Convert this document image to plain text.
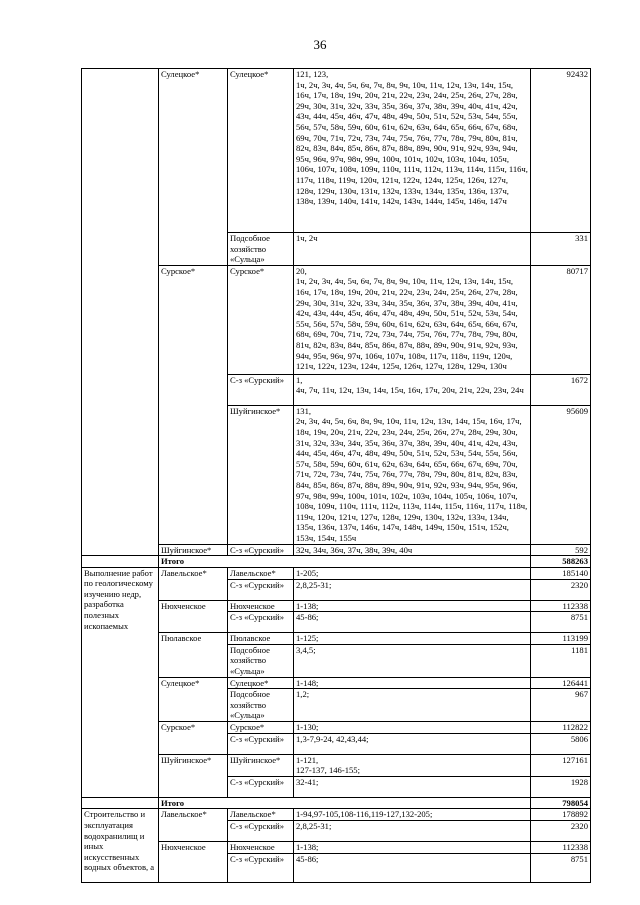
36
	Сулецкое*	Сулецкое*	121, 123,
1ч, 2ч, 3ч, 4ч, 5ч, 6ч, 7ч, 8ч, 9ч, 10ч, 11ч, 12ч, 13ч, 14ч, 15ч, 16ч, 17ч, 18ч, 19ч, 20ч, 21ч, 22ч, 23ч, 24ч, 25ч, 26ч, 27ч, 28ч, 29ч, 30ч, 31ч, 32ч, 33ч, 35ч, 36ч, 37ч, 38ч, 39ч, 40ч, 41ч, 42ч, 43ч, 44ч, 45ч, 46ч, 47ч, 48ч, 49ч, 50ч, 51ч, 52ч, 53ч, 54ч, 55ч, 56ч, 57ч, 58ч, 59ч, 60ч, 61ч, 62ч, 63ч, 64ч, 65ч, 66ч, 67ч, 68ч, 69ч, 70ч, 71ч, 72ч, 73ч, 74ч, 75ч, 76ч, 77ч, 78ч, 79ч, 80ч, 81ч, 82ч, 83ч, 84ч, 85ч, 86ч, 87ч, 88ч, 89ч, 90ч, 91ч, 92ч, 93ч, 94ч, 95ч, 96ч, 97ч, 98ч, 99ч, 100ч, 101ч, 102ч, 103ч, 104ч, 105ч, 106ч, 107ч, 108ч, 109ч, 110ч, 111ч, 112ч, 113ч, 114ч, 115ч, 116ч, 117ч, 118ч, 119ч, 120ч, 121ч, 122ч, 124ч, 125ч, 126ч, 127ч, 128ч, 129ч, 130ч, 131ч, 132ч, 133ч, 134ч, 135ч, 136ч, 137ч, 138ч, 139ч, 140ч, 141ч, 142ч, 143ч, 144ч, 145ч, 146ч, 147ч	92432
		Подсобное хозяйство «Сульца»	1ч, 2ч	331
	Сурское*	Сурское*	20,
1ч, 2ч, 3ч, 4ч, 5ч, 6ч, 7ч, 8ч, 9ч, 10ч, 11ч, 12ч, 13ч, 14ч, 15ч, 16ч, 17ч, 18ч, 19ч, 20ч, 21ч, 22ч, 23ч, 24ч, 25ч, 26ч, 27ч, 28ч, 29ч, 30ч, 31ч, 32ч, 33ч, 34ч, 35ч, 36ч, 37ч, 38ч, 39ч, 40ч, 41ч, 42ч, 43ч, 44ч, 45ч, 46ч, 47ч, 48ч, 49ч, 50ч, 51ч, 52ч, 53ч, 54ч, 55ч, 56ч, 57ч, 58ч, 59ч, 60ч, 61ч, 62ч, 63ч, 64ч, 65ч, 66ч, 67ч, 68ч, 69ч, 70ч, 71ч, 72ч, 73ч, 74ч, 75ч, 76ч, 77ч, 78ч, 79ч, 80ч, 81ч, 82ч, 83ч, 84ч, 85ч, 86ч, 87ч, 88ч, 89ч, 90ч, 91ч, 92ч, 93ч, 94ч, 95ч, 96ч, 97ч, 106ч, 107ч, 108ч, 117ч, 118ч, 119ч, 120ч, 121ч, 122ч, 123ч, 124ч, 125ч, 126ч, 127ч, 128ч, 129ч, 130ч	80717
		С-з «Сурский»	1,
4ч, 7ч, 11ч, 12ч, 13ч, 14ч, 15ч, 16ч, 17ч, 20ч, 21ч, 22ч, 23ч, 24ч	1672
		Шуйгинское*	131,
2ч, 3ч, 4ч, 5ч, 6ч, 8ч, 9ч, 10ч, 11ч, 12ч, 13ч, 14ч, 15ч, 16ч, 17ч, 18ч, 19ч, 20ч, 21ч, 22ч, 23ч, 24ч, 25ч, 26ч, 27ч, 28ч, 29ч, 30ч, 31ч, 32ч, 33ч, 34ч, 35ч, 36ч, 37ч, 38ч, 39ч, 40ч, 41ч, 42ч, 43ч, 44ч, 45ч, 46ч, 47ч, 48ч, 49ч, 50ч, 51ч, 52ч, 53ч, 54ч, 55ч, 56ч, 57ч, 58ч, 59ч, 60ч, 61ч, 62ч, 63ч, 64ч, 65ч, 66ч, 67ч, 69ч, 70ч, 71ч, 72ч, 73ч, 74ч, 75ч, 76ч, 77ч, 78ч, 79ч, 80ч, 81ч, 82ч, 83ч, 84ч, 85ч, 86ч, 87ч, 88ч, 89ч, 90ч, 91ч, 92ч, 93ч, 94ч, 95ч, 96ч, 97ч, 98ч, 99ч, 100ч, 101ч, 102ч, 103ч, 104ч, 105ч, 106ч, 107ч, 108ч, 109ч, 110ч, 111ч, 112ч, 113ч, 114ч, 115ч, 116ч, 117ч, 118ч, 119ч, 120ч, 121ч, 127ч, 128ч, 129ч, 130ч, 132ч, 133ч, 134ч, 135ч, 136ч, 137ч, 146ч, 147ч, 148ч, 149ч, 150ч, 151ч, 152ч, 153ч, 154ч, 155ч	95609
	Шуйгинское*	С-з «Сурский»	32ч, 34ч, 36ч, 37ч, 38ч, 39ч, 40ч	592
	Итого			588263
Выполнение работ по геологическому изучению недр, разработка полезных ископаемых	Лавельское*	Лавельское*	1-205;	185140
		С-з «Сурский»	2,8,25-31;	2320
	Нюхченское	Нюхченское	1-138;	112338
		С-з «Сурский»	45-86;	8751
	Пюлавское	Пюлавское	1-125;	113199
		Подсобное хозяйство «Сульца»	3,4,5;	1181
	Сулецкое*	Сулецкое*	1-148;	126441
		Подсобное хозяйство «Сульца»	1,2;	967
	Сурское*	Сурское*	1-130;	112822
		С-з «Сурский»	1,3-7,9-24, 42,43,44;	5806
	Шуйгинское*	Шуйгинское*	1-121,
127-137, 146-155;	127161
		С-з «Сурский»	32-41;	1928
	Итого			798054
Строительство и эксплуатация водохранилищ и иных искусственных водных объектов, а	Лавельское*	Лавельское*	1-94,97-105,108-116,119-127,132-205;	178892
		С-з «Сурский»	2,8,25-31;	2320
	Нюхченское	Нюхченское	1-138;	112338
		С-з «Сурский»	45-86;	8751
